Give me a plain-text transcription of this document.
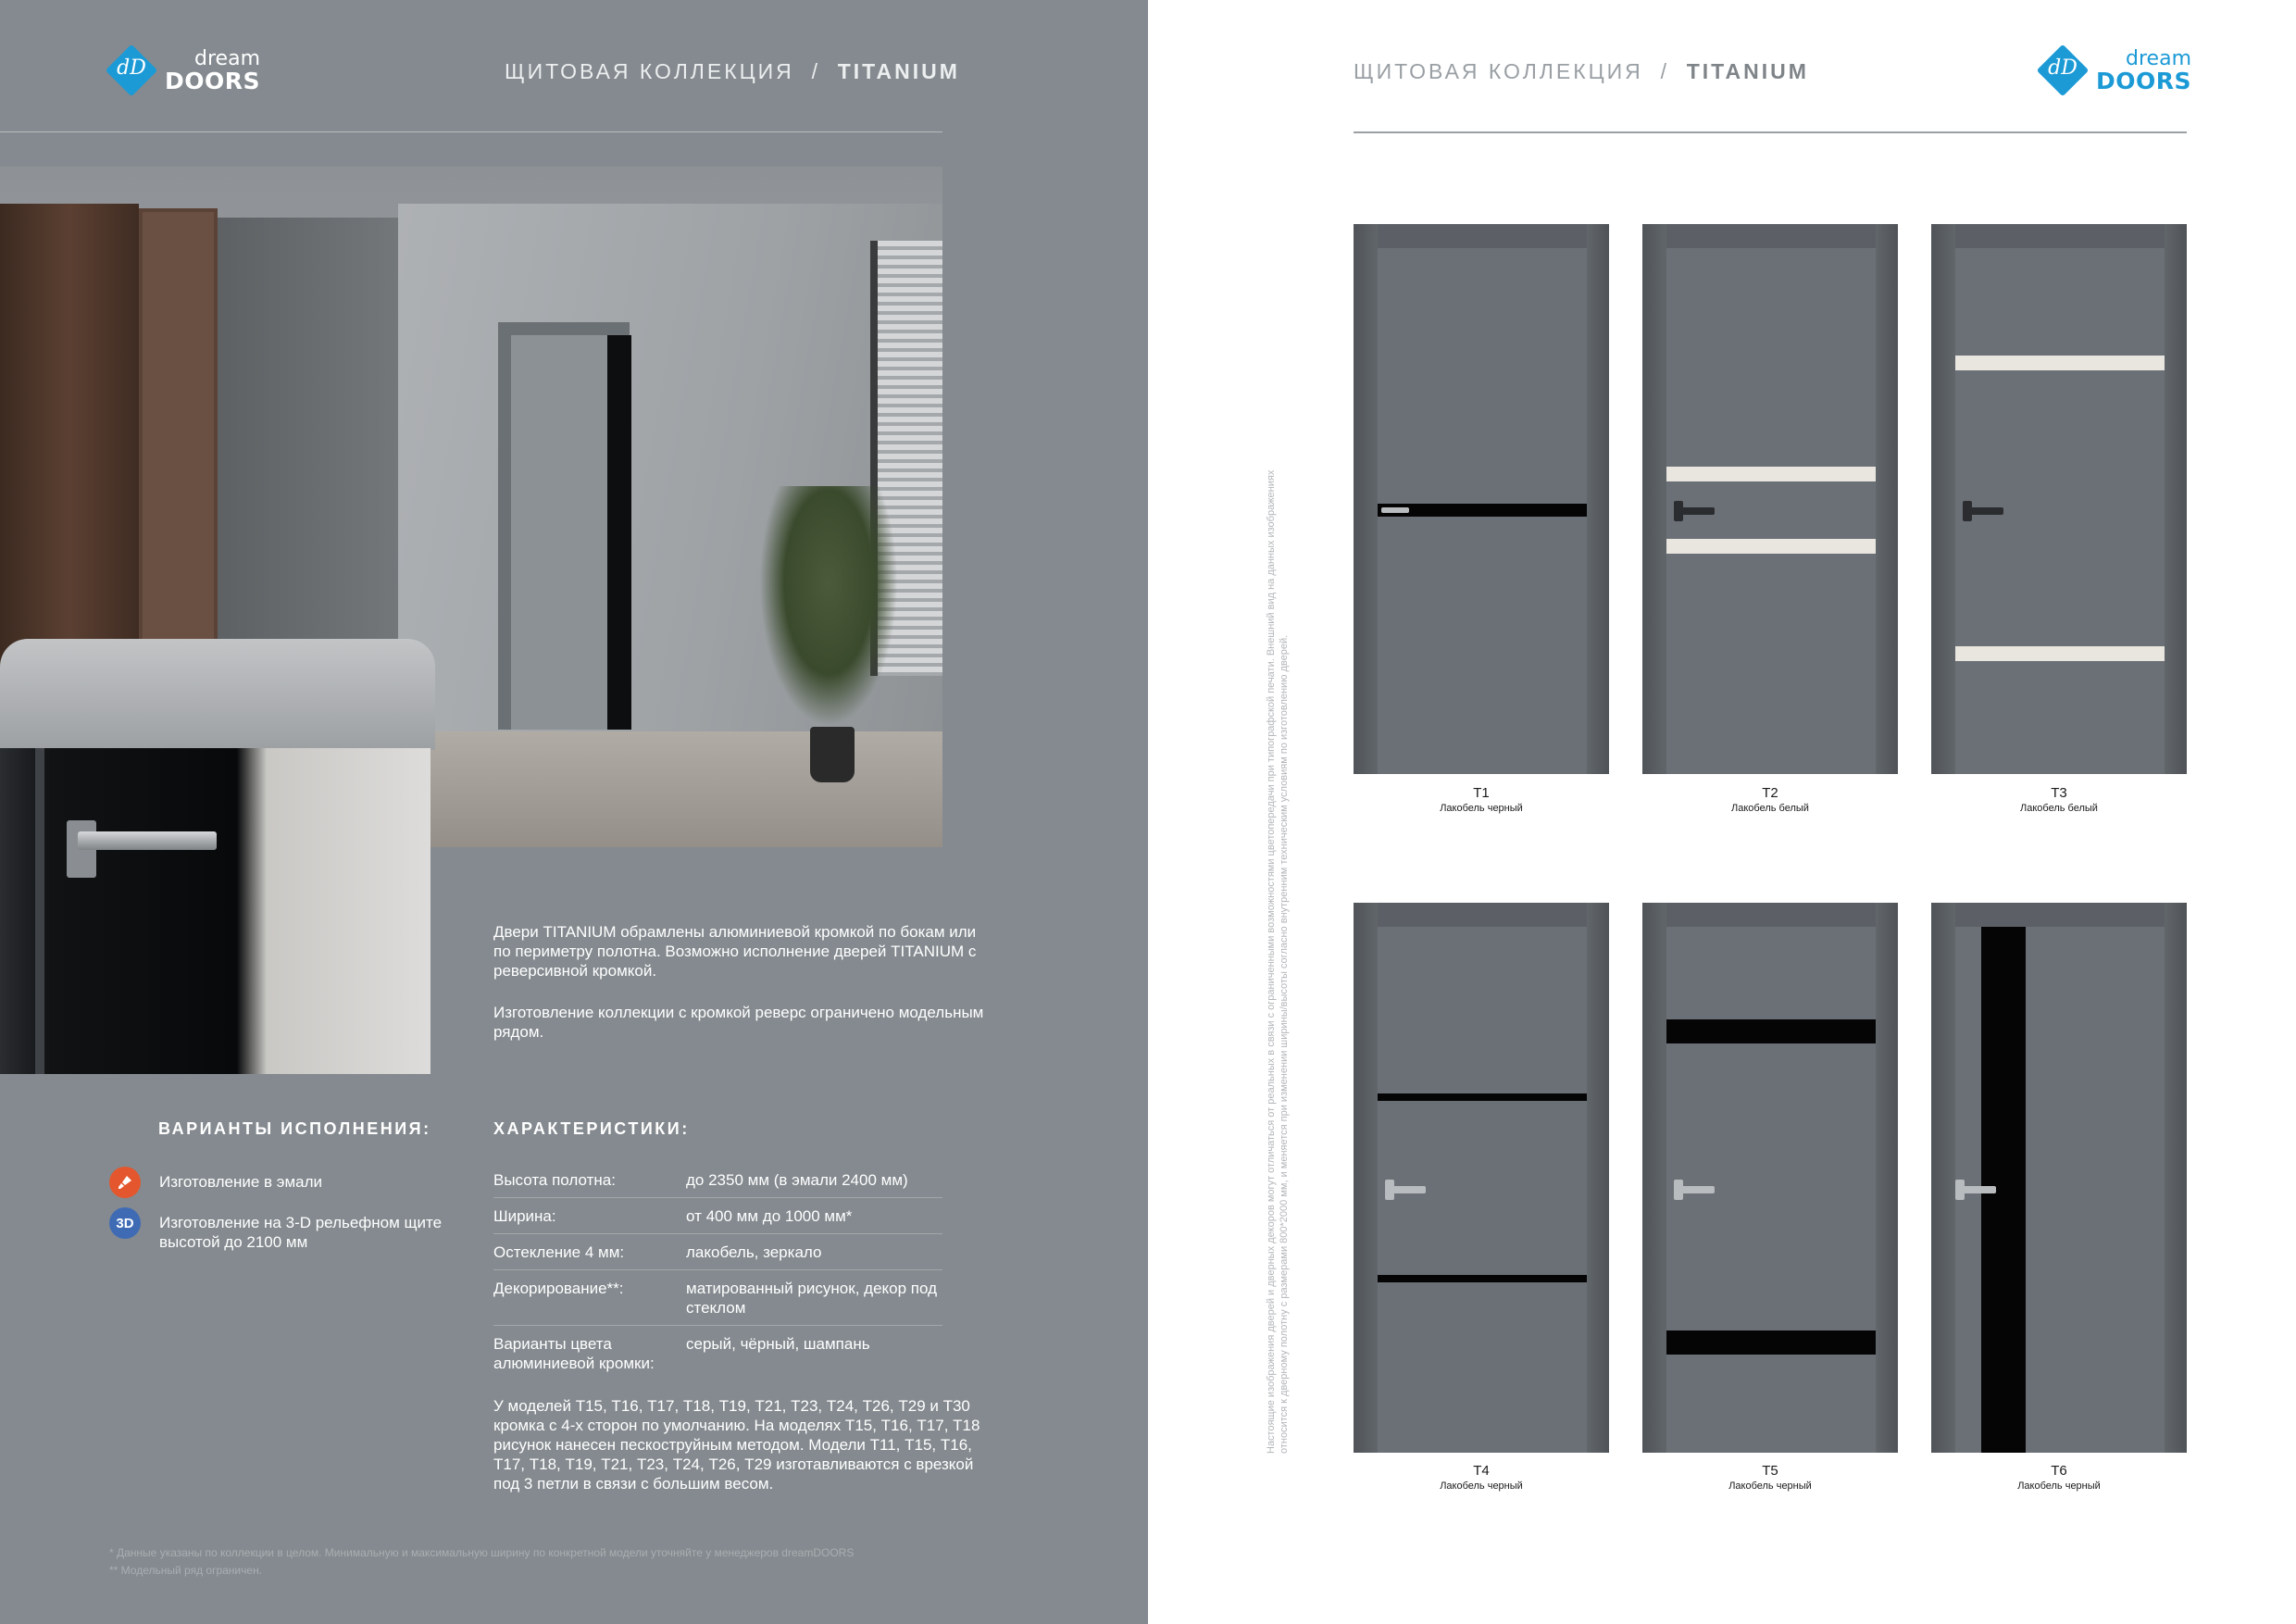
dD	dream
DOORS	ЩИТОВАЯ КОЛЛЕКЦИЯ / TITANIUM

Двери TITANIUM обрамлены алюминиевой кромкой по бокам или по периметру полотна. Возможно исполнение дверей TITANIUM с реверсивной кромкой.

Изготовление коллекции с кромкой реверс ограничено модельным рядом.

ВАРИАНТЫ ИСПОЛНЕНИЯ:	ХАРАКТЕРИСТИКИ:
Изготовление в эмали
3D	Изготовление на 3-D рельефном щите высотой до 2100 мм
Высота полотна:	до 2350 мм (в эмали 2400 мм)
Ширина:	от 400 мм до 1000 мм*
Остекление 4 мм:	лакобель, зеркало
Декорирование**:	матированный рисунок, декор под стеклом
Варианты цвета алюминиевой кромки:
серый, чёрный, шампань
У моделей Т15, Т16, Т17, Т18, Т19, Т21, Т23, Т24, Т26, Т29 и Т30 кромка с 4-х сторон по умолчанию. На моделях Т15, Т16, Т17, Т18 рисунок нанесен пескоструйным методом. Модели Т11, Т15, Т16, Т17, Т18, Т19, Т21, Т23, Т24, Т26, Т29 изготавливаются с врезкой под 3 петли в связи с большим весом.
* Данные указаны по коллекции в целом. Минимальную и максимальную ширину по конкретной модели уточняйте у менеджеров dreamDOORS
** Модельный ряд ограничен.
ЩИТОВАЯ КОЛЛЕКЦИЯ / TITANIUM	dD	dream
DOORS
Настоящие изображения дверей и дверных декоров могут отличаться от реальных в связи с ограниченными возможностями цветопередачи при типографской печати. Внешний вид на данных изображениях относится к дверному полотну с размерами 800*2000 мм, и меняется при изменении ширины/высоты согласно внутренним техническим условиям по изготовлению дверей.	Т1
Лакобель черный
Т2
Лакобель белый
Т3
Лакобель белый
Т4
Лакобель черный
Т5
Лакобель черный
Т6
Лакобель черный
